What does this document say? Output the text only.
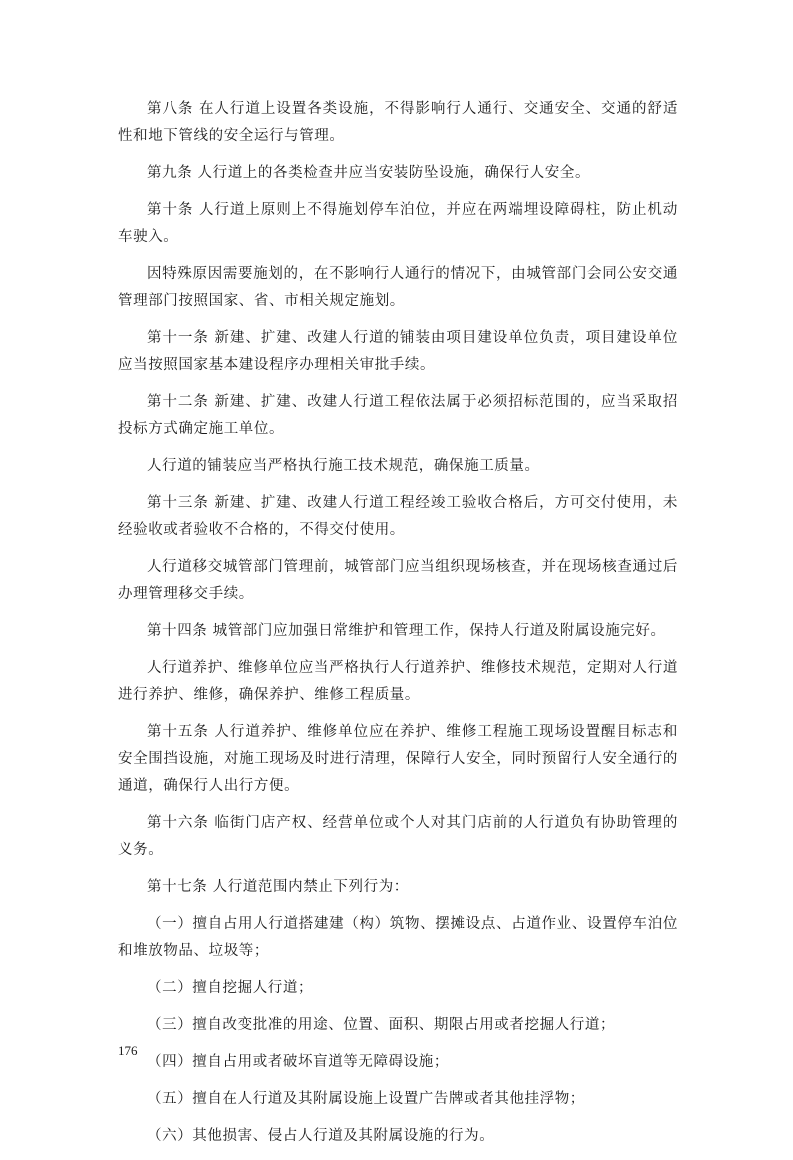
第八条 在人行道上设置各类设施，不得影响行人通行、交通安全、交通的舒适性和地下管线的安全运行与管理。

第九条 人行道上的各类检查井应当安装防坠设施，确保行人安全。

第十条 人行道上原则上不得施划停车泊位，并应在两端埋设障碍柱，防止机动车驶入。

因特殊原因需要施划的，在不影响行人通行的情况下，由城管部门会同公安交通管理部门按照国家、省、市相关规定施划。

第十一条 新建、扩建、改建人行道的铺装由项目建设单位负责，项目建设单位应当按照国家基本建设程序办理相关审批手续。

第十二条 新建、扩建、改建人行道工程依法属于必须招标范围的，应当采取招投标方式确定施工单位。

人行道的铺装应当严格执行施工技术规范，确保施工质量。

第十三条 新建、扩建、改建人行道工程经竣工验收合格后，方可交付使用，未经验收或者验收不合格的，不得交付使用。

人行道移交城管部门管理前，城管部门应当组织现场核查，并在现场核查通过后办理管理移交手续。

第十四条 城管部门应加强日常维护和管理工作，保持人行道及附属设施完好。

人行道养护、维修单位应当严格执行人行道养护、维修技术规范，定期对人行道进行养护、维修，确保养护、维修工程质量。

第十五条 人行道养护、维修单位应在养护、维修工程施工现场设置醒目标志和安全围挡设施，对施工现场及时进行清理，保障行人安全，同时预留行人安全通行的通道，确保行人出行方便。

第十六条 临街门店产权、经营单位或个人对其门店前的人行道负有协助管理的义务。

第十七条 人行道范围内禁止下列行为：

（一）擅自占用人行道搭建建（构）筑物、摆摊设点、占道作业、设置停车泊位和堆放物品、垃圾等；

（二）擅自挖掘人行道；

（三）擅自改变批准的用途、位置、面积、期限占用或者挖掘人行道；

（四）擅自占用或者破坏盲道等无障碍设施；

（五）擅自在人行道及其附属设施上设置广告牌或者其他挂浮物；

（六）其他损害、侵占人行道及其附属设施的行为。

176
